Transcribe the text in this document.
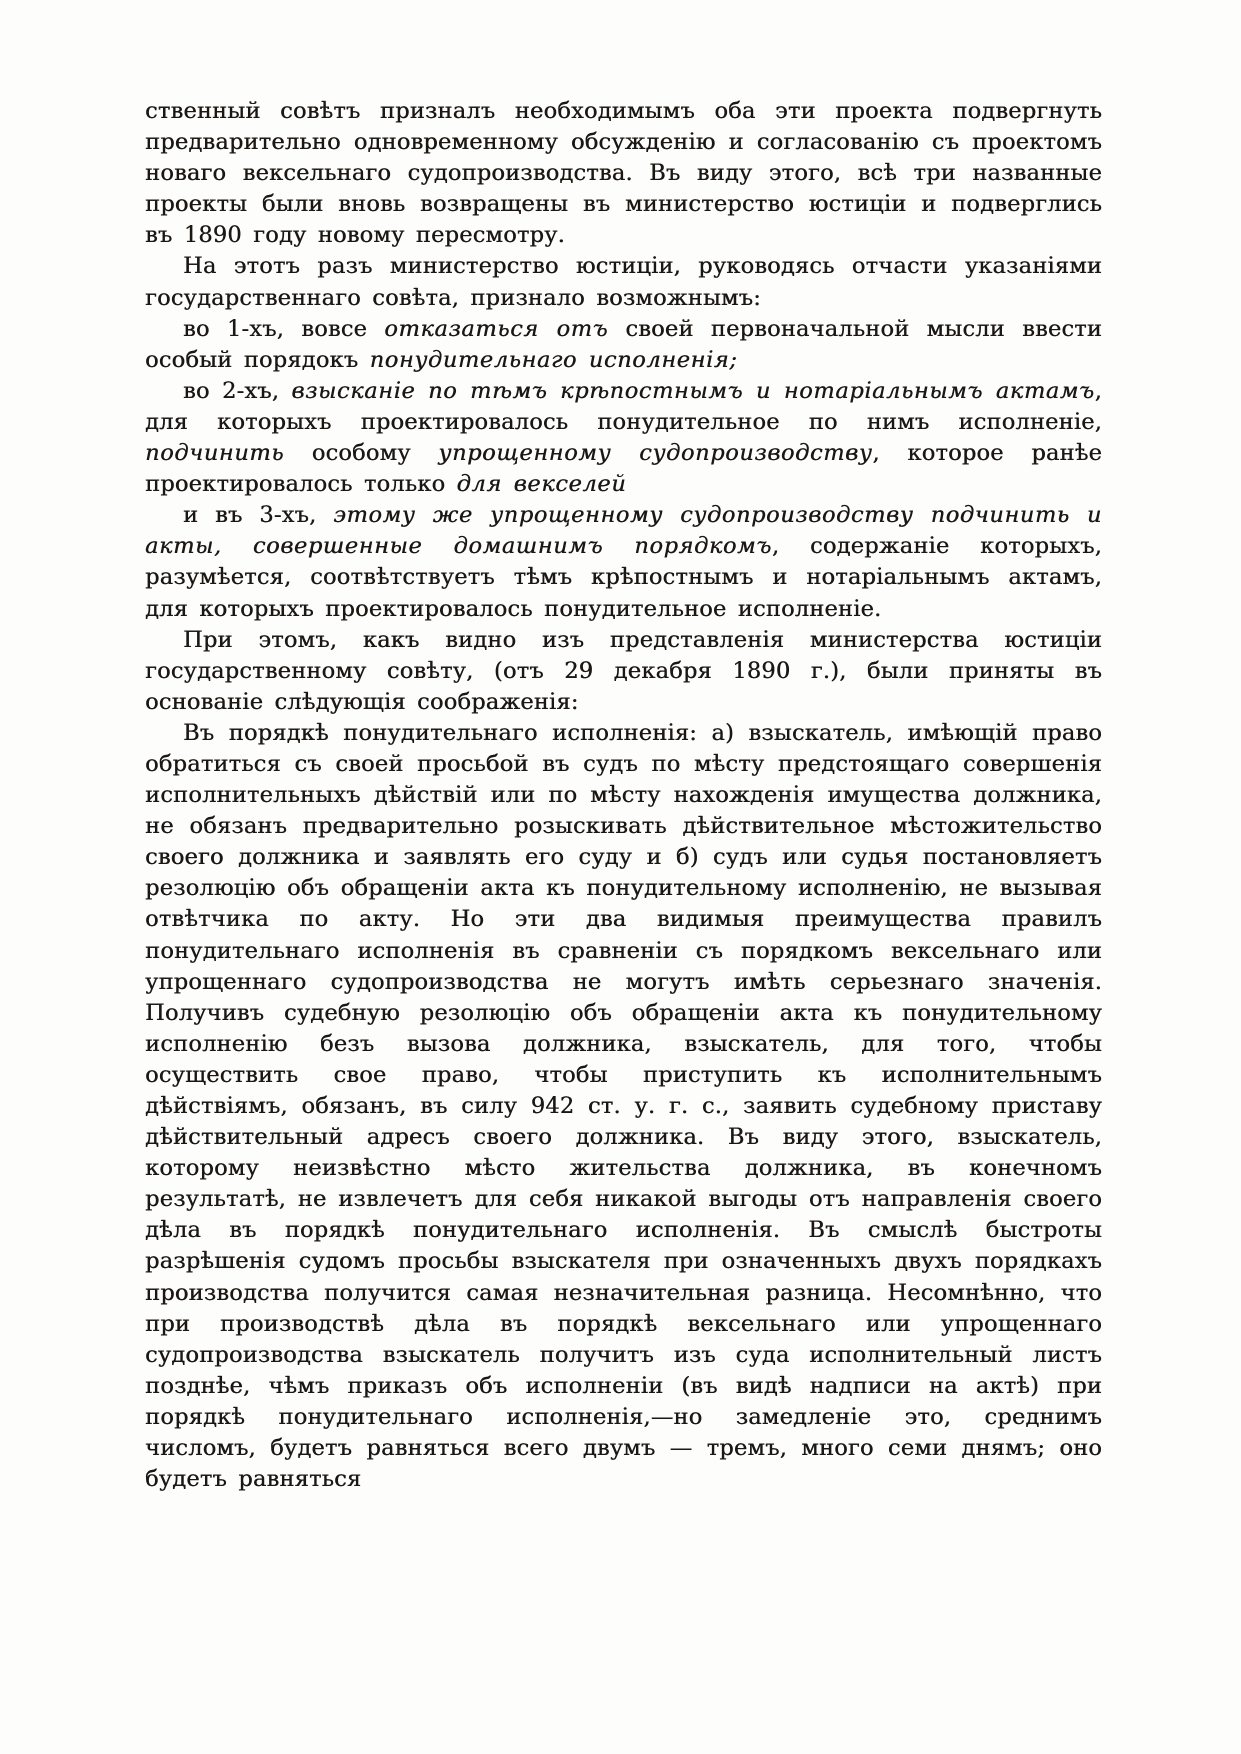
ственный совѣтъ призналъ необходимымъ оба эти проекта подвергнуть предварительно одновременному обсужденію и согласованію съ проектомъ новаго вексельнаго судопроизводства. Въ виду этого, всѣ три названные проекты были вновь возвращены въ министерство юстиціи и подверглись въ 1890 году новому пересмотру.

На этотъ разъ министерство юстиціи, руководясь отчасти указаніями государственнаго совѣта, признало возможнымъ:

во 1-хъ, вовсе отказаться отъ своей первоначальной мысли ввести особый порядокъ понудительнаго исполненія;

во 2-хъ, взысканіе по тѣмъ крѣпостнымъ и нотаріальнымъ актамъ, для которыхъ проектировалось понудительное по нимъ исполненіе, подчинить особому упрощенному судопроизводству, которое ранѣе проектировалось только для векселей

и въ 3-хъ, этому же упрощенному судопроизводству подчинить и акты, совершенные домашнимъ порядкомъ, содержаніе которыхъ, разумѣется, соотвѣтствуетъ тѣмъ крѣпостнымъ и нотаріальнымъ актамъ, для которыхъ проектировалось понудительное исполненіе.

При этомъ, какъ видно изъ представленія министерства юстиціи государственному совѣту, (отъ 29 декабря 1890 г.), были приняты въ основаніе слѣдующія соображенія:

Въ порядкѣ понудительнаго исполненія: а) взыскатель, имѣющій право обратиться съ своей просьбой въ судъ по мѣсту предстоящаго совершенія исполнительныхъ дѣйствій или по мѣсту нахожденія имущества должника, не обязанъ предварительно розыскивать дѣйствительное мѣстожительство своего должника и заявлять его суду и б) судъ или судья постановляетъ резолюцію объ обращеніи акта къ понудительному исполненію, не вызывая отвѣтчика по акту. Но эти два видимыя преимущества правилъ понудительнаго исполненія въ сравненіи съ порядкомъ вексельнаго или упрощеннаго судопроизводства не могутъ имѣть серьезнаго значенія. Получивъ судебную резолюцію объ обращеніи акта къ понудительному исполненію безъ вызова должника, взыскатель, для того, чтобы осуществить свое право, чтобы приступить къ исполнительнымъ дѣйствіямъ, обязанъ, въ силу 942 ст. у. г. с., заявить судебному приставу дѣйствительный адресъ своего должника. Въ виду этого, взыскатель, которому неизвѣстно мѣсто жительства должника, въ конечномъ результатѣ, не извлечетъ для себя никакой выгоды отъ направленія своего дѣла въ порядкѣ понудительнаго исполненія. Въ смыслѣ быстроты разрѣшенія судомъ просьбы взыскателя при означенныхъ двухъ порядкахъ производства получится самая незначительная разница. Несомнѣнно, что при производствѣ дѣла въ порядкѣ вексельнаго или упрощеннаго судопроизводства взыскатель получитъ изъ суда исполнительный листъ позднѣе, чѣмъ приказъ объ исполненіи (въ видѣ надписи на актѣ) при порядкѣ понудительнаго исполненія,—но замедленіе это, среднимъ числомъ, будетъ равняться всего двумъ — тремъ, много семи днямъ; оно будетъ равняться
